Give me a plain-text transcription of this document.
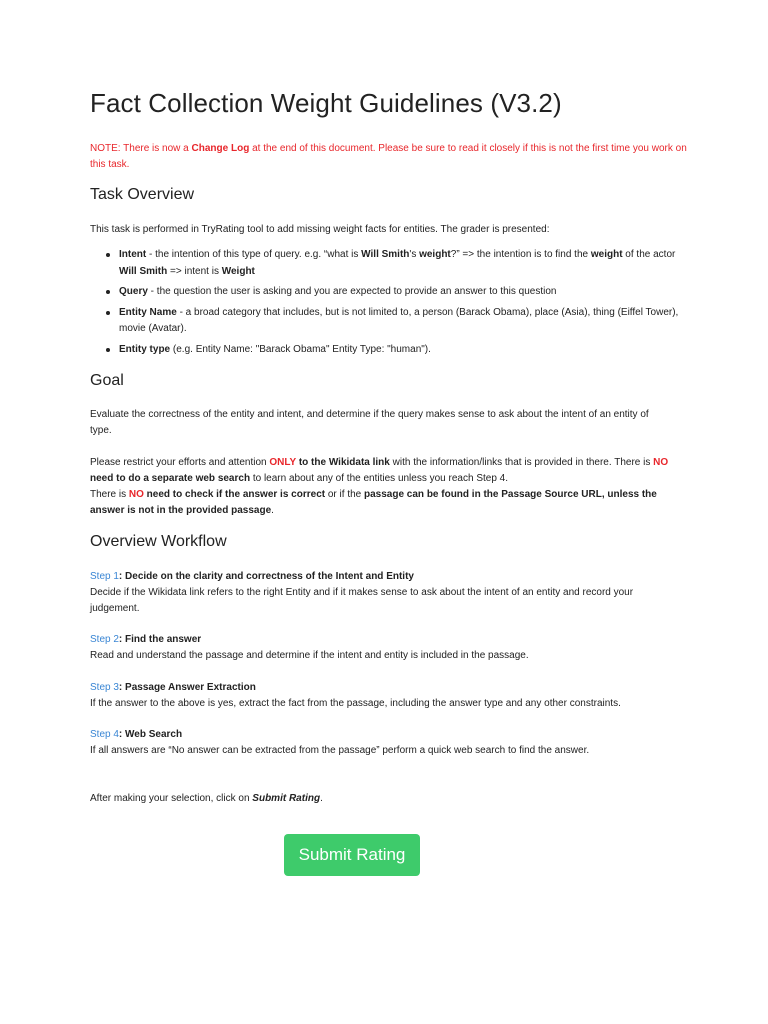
Fact Collection Weight Guidelines (V3.2)

NOTE: There is now a Change Log at the end of this document. Please be sure to read it closely if this is not the first time you work on this task.

Task Overview

This task is performed in TryRating tool to add missing weight facts for entities. The grader is presented:

Intent - the intention of this type of query. e.g. “what is Will Smith's weight?” => the intention is to find the weight of the actor Will Smith => intent is Weight
Query - the question the user is asking and you are expected to provide an answer to this question
Entity Name - a broad category that includes, but is not limited to, a person (Barack Obama), place (Asia), thing (Eiffel Tower), movie (Avatar).
Entity type (e.g. Entity Name: "Barack Obama" Entity Type: "human").
Goal

Evaluate the correctness of the entity and intent, and determine if the query makes sense to ask about the intent of an entity of type.

Please restrict your efforts and attention ONLY to the Wikidata link with the information/links that is provided in there. There is NO need to do a separate web search to learn about any of the entities unless you reach Step 4.
There is NO need to check if the answer is correct or if the passage can be found in the Passage Source URL, unless the answer is not in the provided passage.

Overview Workflow
Step 1: Decide on the clarity and correctness of the Intent and Entity
Decide if the Wikidata link refers to the right Entity and if it makes sense to ask about the intent of an entity and record your judgement.
Step 2: Find the answer
Read and understand the passage and determine if the intent and entity is included in the passage.
Step 3: Passage Answer Extraction
If the answer to the above is yes, extract the fact from the passage, including the answer type and any other constraints.
Step 4: Web Search
If all answers are “No answer can be extracted from the passage” perform a quick web search to find the answer.

After making your selection, click on Submit Rating.

Submit Rating
